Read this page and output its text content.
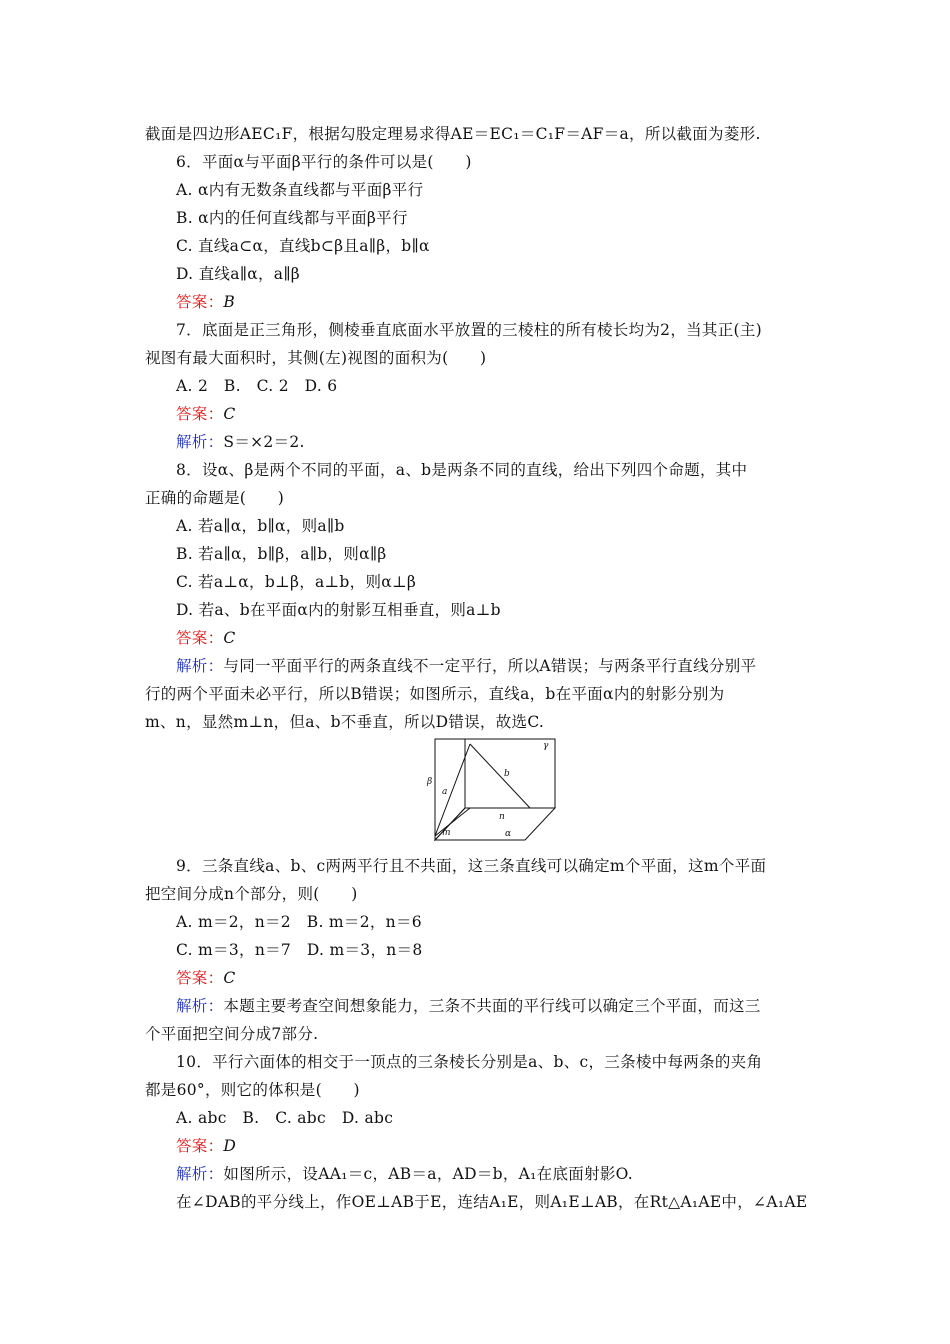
截面是四边形AEC₁F，根据勾股定理易求得AE＝EC₁＝C₁F＝AF＝a，所以截面为菱形.
6．平面α与平面β平行的条件可以是(　　)
A. α内有无数条直线都与平面β平行
B. α内的任何直线都与平面β平行
C. 直线a⊂α，直线b⊂β且a∥β，b∥α
D. 直线a∥α，a∥β
答案：B
7．底面是正三角形，侧棱垂直底面水平放置的三棱柱的所有棱长均为2，当其正(主)
视图有最大面积时，其侧(左)视图的面积为(　　)
A. 2　B.　C. 2　D. 6
答案：C
解析：S＝×2＝2.
8．设α、β是两个不同的平面，a、b是两条不同的直线，给出下列四个命题，其中
正确的命题是(　　)
A. 若a∥α，b∥α，则a∥b
B. 若a∥α，b∥β，a∥b，则α∥β
C. 若a⊥α，b⊥β，a⊥b，则α⊥β
D. 若a、b在平面α内的射影互相垂直，则a⊥b
答案：C
解析：与同一平面平行的两条直线不一定平行，所以A错误；与两条平行直线分别平
行的两个平面未必平行，所以B错误；如图所示，直线a，b在平面α内的射影分别为
m、n，显然m⊥n，但a、b不垂直，所以D错误，故选C.
γ
β
a
b
n
m	α
9．三条直线a、b、c两两平行且不共面，这三条直线可以确定m个平面，这m个平面
把空间分成n个部分，则(　　)
A. m＝2，n＝2　B. m＝2，n＝6
C. m＝3，n＝7　D. m＝3，n＝8
答案：C
解析：本题主要考查空间想象能力，三条不共面的平行线可以确定三个平面，而这三
个平面把空间分成7部分.
10．平行六面体的相交于一顶点的三条棱长分别是a、b、c，三条棱中每两条的夹角
都是60°，则它的体积是(　　)
A. abc　B.　C. abc　D. abc
答案：D
解析：如图所示，设AA₁＝c，AB＝a，AD＝b，A₁在底面射影O.
在∠DAB的平分线上，作OE⊥AB于E，连结A₁E，则A₁E⊥AB，在Rt△A₁AE中，∠A₁AE
